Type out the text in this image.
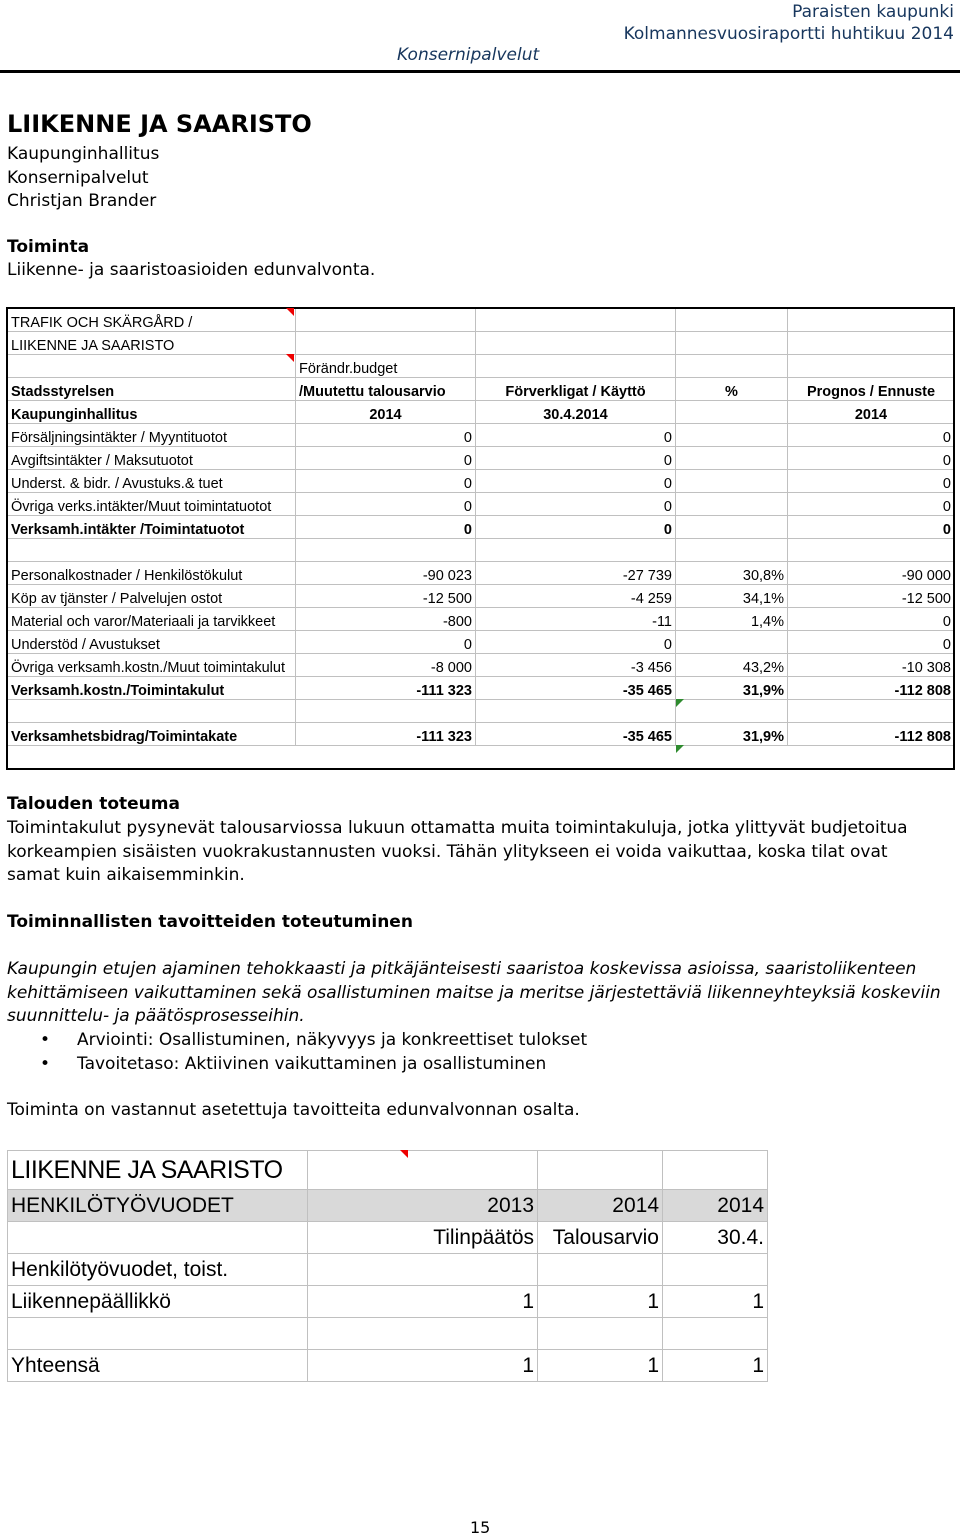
Paraisten kaupunki
Kolmannesvuosiraportti huhtikuu 2014
Konsernipalvelut
LIIKENNE JA SAARISTO
Kaupunginhallitus
Konsernipalvelut
Christjan Brander
Toiminta
Liikenne- ja saaristoasioiden edunvalvonta.
TRAFIK OCH SKÄRGÅRD /				
LIIKENNE JA SAARISTO				
	Förändr.budget			
Stadsstyrelsen	/Muutettu talousarvio	Förverkligat / Käyttö	%	Prognos / Ennuste
Kaupunginhallitus	2014	30.4.2014		2014
Försäljningsintäkter / Myyntituotot	0	0		0
Avgiftsintäkter / Maksutuotot	0	0		0
Underst. & bidr. / Avustuks.& tuet	0	0		0
Övriga verks.intäkter/Muut toimintatuotot	0	0		0
Verksamh.intäkter /Toimintatuotot	0	0		0

Personalkostnader / Henkilöstökulut	-90 023	-27 739	30,8%	-90 000
Köp av tjänster / Palvelujen ostot	-12 500	-4 259	34,1%	-12 500
Material och varor/Materiaali ja tarvikkeet	-800	-11	1,4%	0
Understöd / Avustukset	0	0		0
Övriga verksamh.kostn./Muut toimintakulut	-8 000	-3 456	43,2%	-10 308
Verksamh.kostn./Toimintakulut	-111 323	-35 465	31,9%	-112 808

Verksamhetsbidrag/Toimintakate	-111 323	-35 465	31,9%	-112 808
Talouden toteuma
Toimintakulut pysynevät talousarviossa lukuun ottamatta muita toimintakuluja, jotka ylittyvät budjetoitua korkeampien sisäisten vuokrakustannusten vuoksi. Tähän ylitykseen ei voida vaikuttaa, koska tilat ovat samat kuin aikaisemminkin.
Toiminnallisten tavoitteiden toteutuminen
Kaupungin etujen ajaminen tehokkaasti ja pitkäjänteisesti saaristoa koskevissa asioissa, saaristoliikenteen kehittämiseen vaikuttaminen sekä osallistuminen maitse ja meritse järjestettäviä liikenneyhteyksiä koskeviin suunnittelu- ja päätösprosesseihin.
• Arviointi: Osallistuminen, näkyvyys ja konkreettiset tulokset
• Tavoitetaso: Aktiivinen vaikuttaminen ja osallistuminen
Toiminta on vastannut asetettuja tavoitteita edunvalvonnan osalta.
LIIKENNE JA SAARISTO			
HENKILÖTYÖVUODET	2013	2014	2014
	Tilinpäätös	Talousarvio	30.4.
Henkilötyövuodet, toist.			
Liikennepäällikkö	1	1	1

Yhteensä	1	1	1
15
